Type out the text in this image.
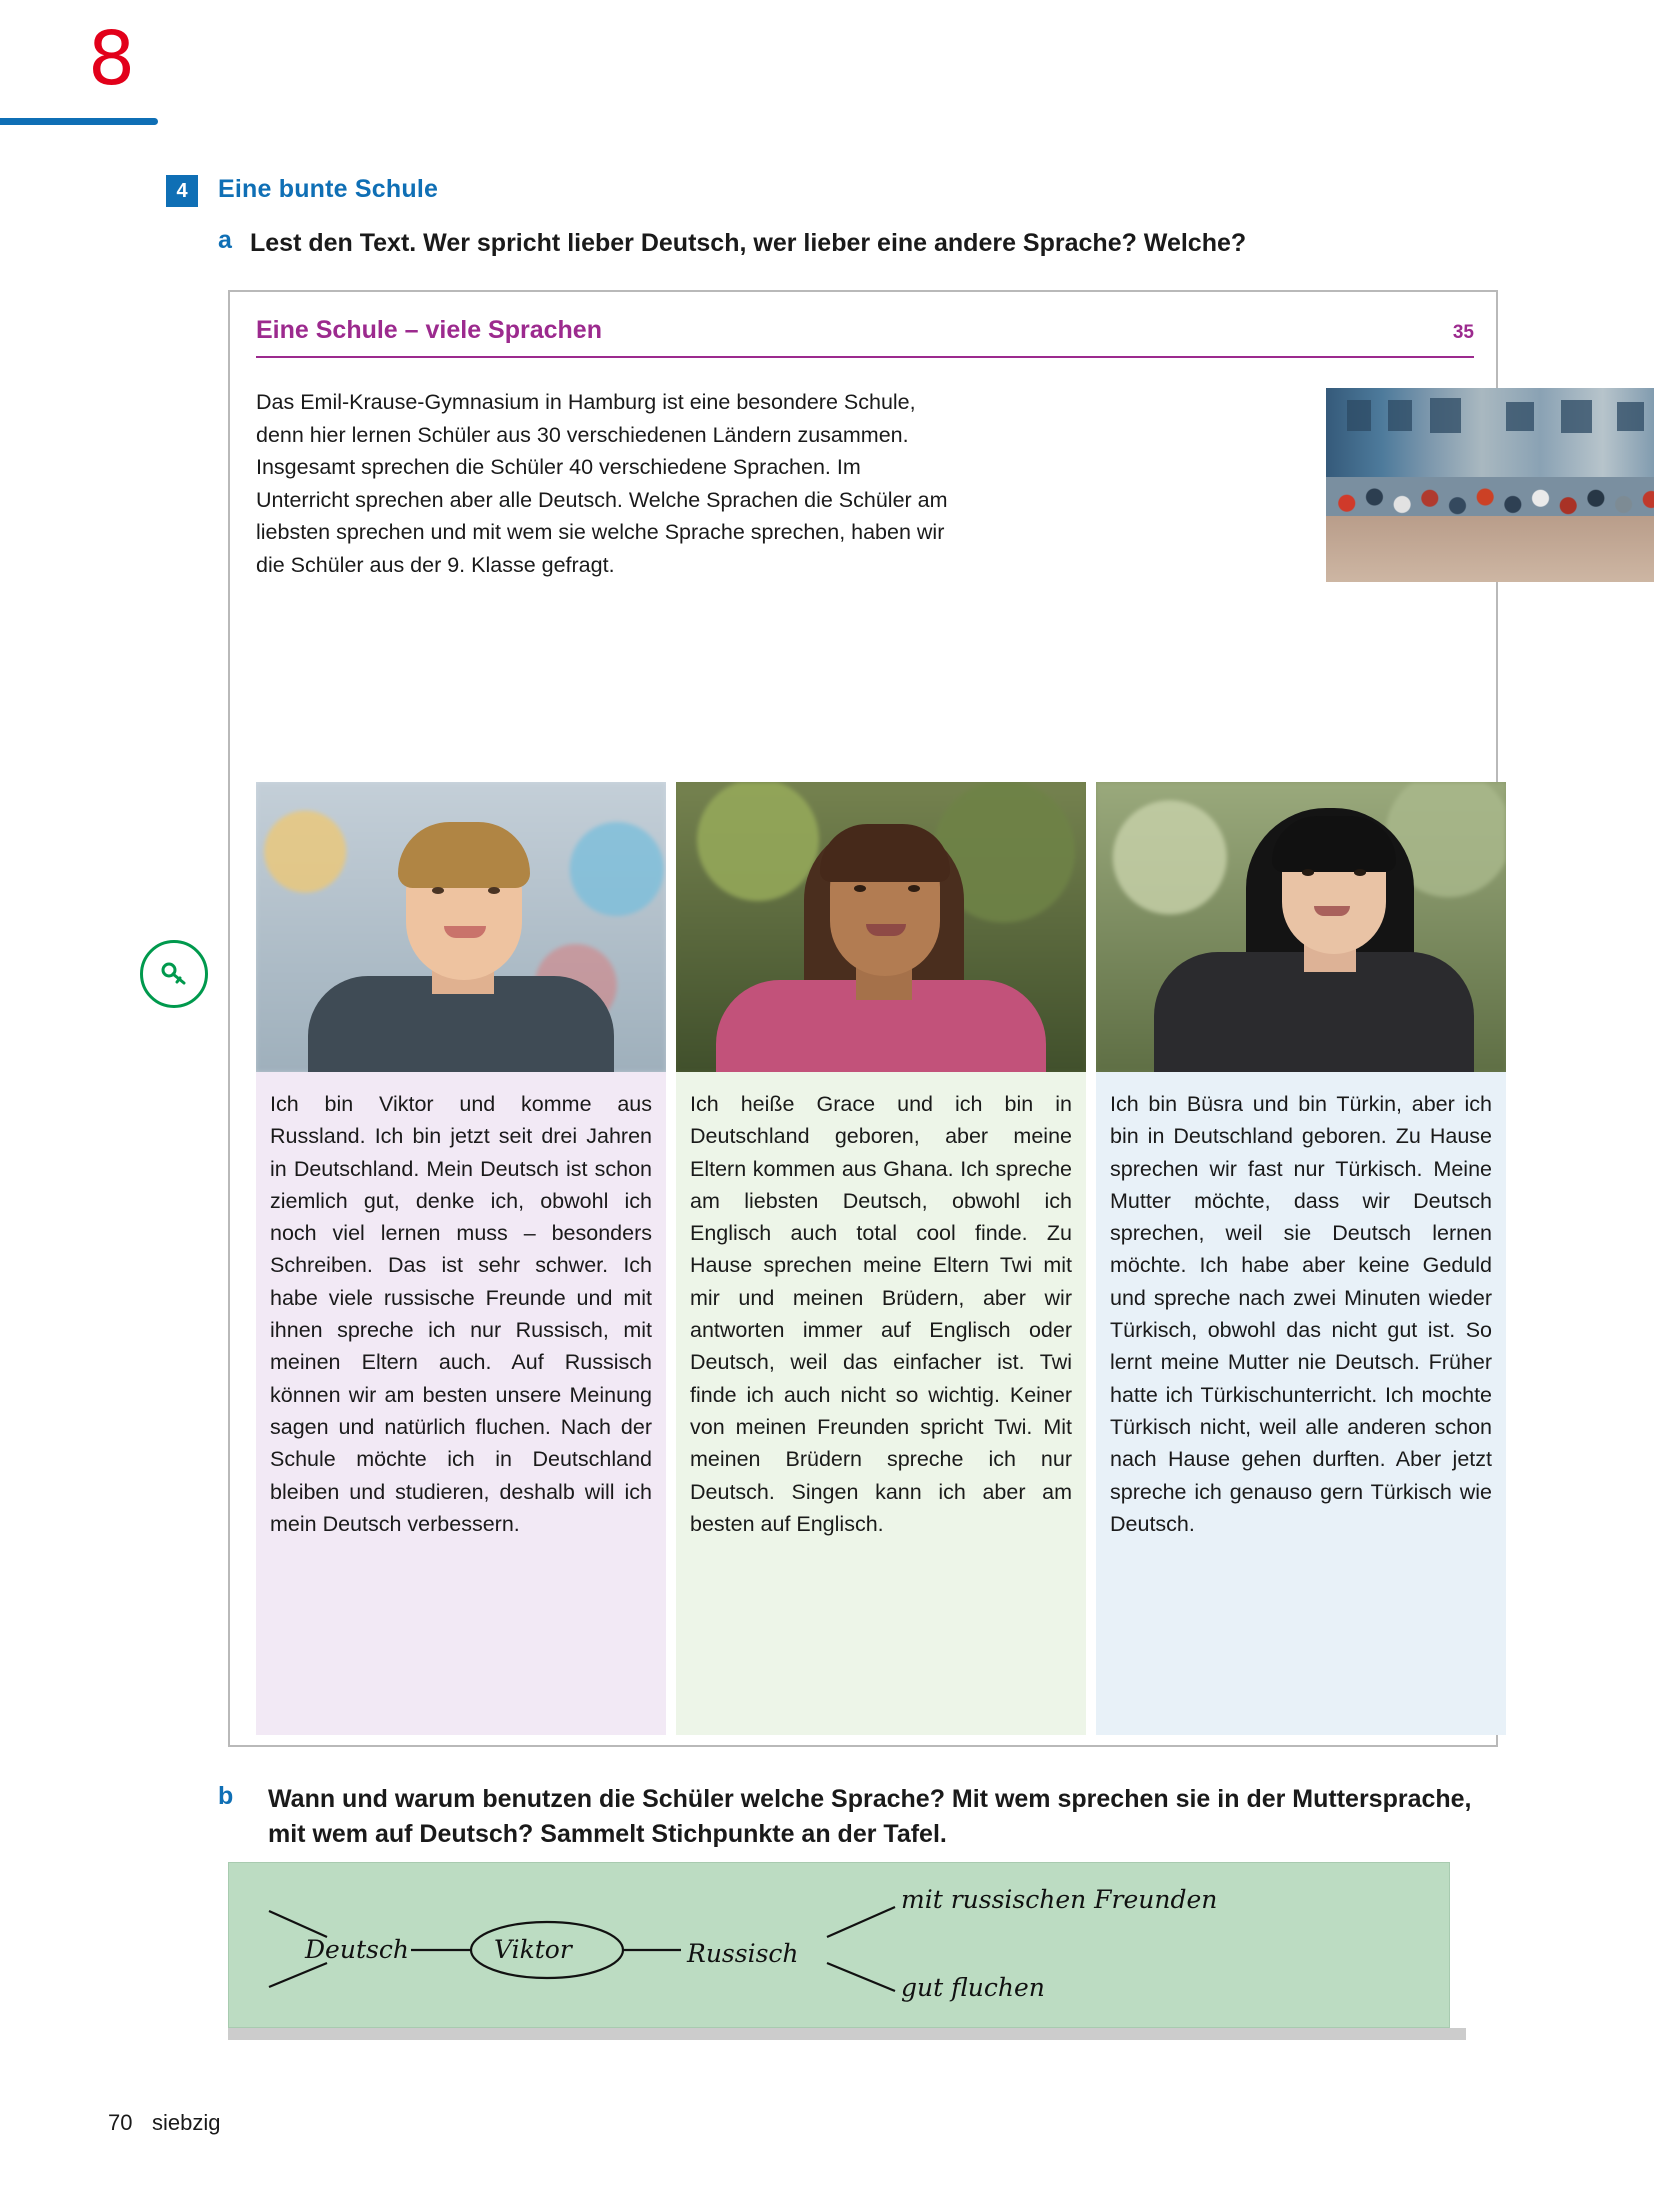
8
4	Eine bunte Schule
a Lest den Text. Wer spricht lieber Deutsch, wer lieber eine andere Sprache? Welche?
Eine Schule – viele Sprachen	35
Das Emil-Krause-Gymnasium in Hamburg ist eine besondere Schule, denn hier lernen Schüler aus 30 verschiedenen Ländern zusammen. Insgesamt sprechen die Schüler 40 verschiedene Sprachen. Im Unterricht sprechen aber alle Deutsch. Welche Sprachen die Schüler am liebsten sprechen und mit wem sie welche Sprache sprechen, haben wir die Schüler aus der 9. Klasse gefragt.
Ich bin Viktor und komme aus Russland. Ich bin jetzt seit drei Jahren in Deutschland. Mein Deutsch ist schon ziemlich gut, denke ich, obwohl ich noch viel lernen muss – besonders Schreiben. Das ist sehr schwer. Ich habe viele russische Freunde und mit ihnen spreche ich nur Russisch, mit meinen Eltern auch. Auf Russisch können wir am besten unsere Meinung sagen und natürlich fluchen. Nach der Schule möchte ich in Deutschland bleiben und studieren, deshalb will ich mein Deutsch verbessern.
Ich heiße Grace und ich bin in Deutschland geboren, aber meine Eltern kommen aus Ghana. Ich spreche am liebsten Deutsch, obwohl ich Englisch auch total cool finde. Zu Hause sprechen meine Eltern Twi mit mir und meinen Brüdern, aber wir antworten immer auf Englisch oder Deutsch, weil das einfacher ist. Twi finde ich auch nicht so wichtig. Keiner von meinen Freunden spricht Twi. Mit meinen Brüdern spreche ich nur Deutsch. Singen kann ich aber am besten auf Englisch.
Ich bin Büsra und bin Türkin, aber ich bin in Deutschland geboren. Zu Hause sprechen wir fast nur Türkisch. Meine Mutter möchte, dass wir Deutsch sprechen, weil sie Deutsch lernen möchte. Ich habe aber keine Geduld und spreche nach zwei Minuten wieder Türkisch, obwohl das nicht gut ist. So lernt meine Mutter nie Deutsch. Früher hatte ich Türkischunterricht. Ich mochte Türkisch nicht, weil alle anderen schon nach Hause gehen durften. Aber jetzt spreche ich genauso gern Türkisch wie Deutsch.
b Wann und warum benutzen die Schüler welche Sprache? Mit wem sprechen sie in der Muttersprache, mit wem auf Deutsch? Sammelt Stichpunkte an der Tafel.
Deutsch	Viktor	Russisch
mit russischen Freunden
gut fluchen
70 siebzig
